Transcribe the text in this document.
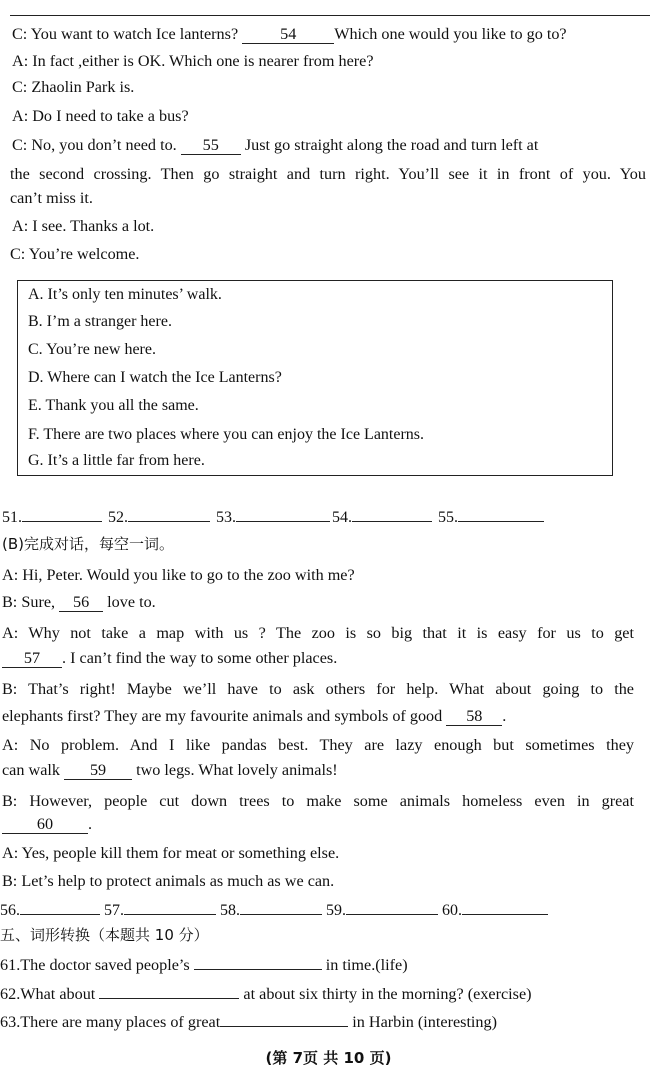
C: You want to watch Ice lanterns?	54 Which one would you like to go to?
A: In fact ,either is OK. Which one is nearer from here?
C: Zhaolin Park is.
A: Do I need to take a bus?
C: No, you don’t need to. 55 Just go straight along the road and turn left at
the second crossing. Then go straight and turn right. You’ll see it in front of you. You
can’t miss it.
A: I see. Thanks a lot.
C: You’re welcome.
A. It’s only ten minutes’ walk.
B. I’m a stranger here.
C. You’re new here.
D. Where can I watch the Ice Lanterns?
E. Thank you all the same.
F. There are two places where you can enjoy the Ice Lanterns.
G. It’s a little far from here.
51.	52.	53.	54.	55.
(B)完成对话，每空一词。
A: Hi, Peter. Would you like to go to the zoo with me?
B: Sure, 56 love to.
A: Why not take a map with us ? The zoo is so big that it is easy for us to get
57 . I can’t find the way to some other places.
B: That’s right! Maybe we’ll have to ask others for help. What about going to the
elephants first? They are my favourite animals and symbols of good 58 .
A: No problem. And I like pandas best. They are lazy enough but sometimes they
can walk 59 two legs. What lovely animals!
B: However, people cut down trees to make some animals homeless even in great
60 .
A: Yes, people kill them for meat or something else.
B: Let’s help to protect animals as much as we can.
56.	57.	58.	59.	60.
五、词形转换（本题共 10 分）
61.The doctor saved people’s	in time.(life)
62.What about	at about six thirty in the morning? (exercise)
63.There are many places of great	in Harbin (interesting)
(第 7页 共 10 页)
